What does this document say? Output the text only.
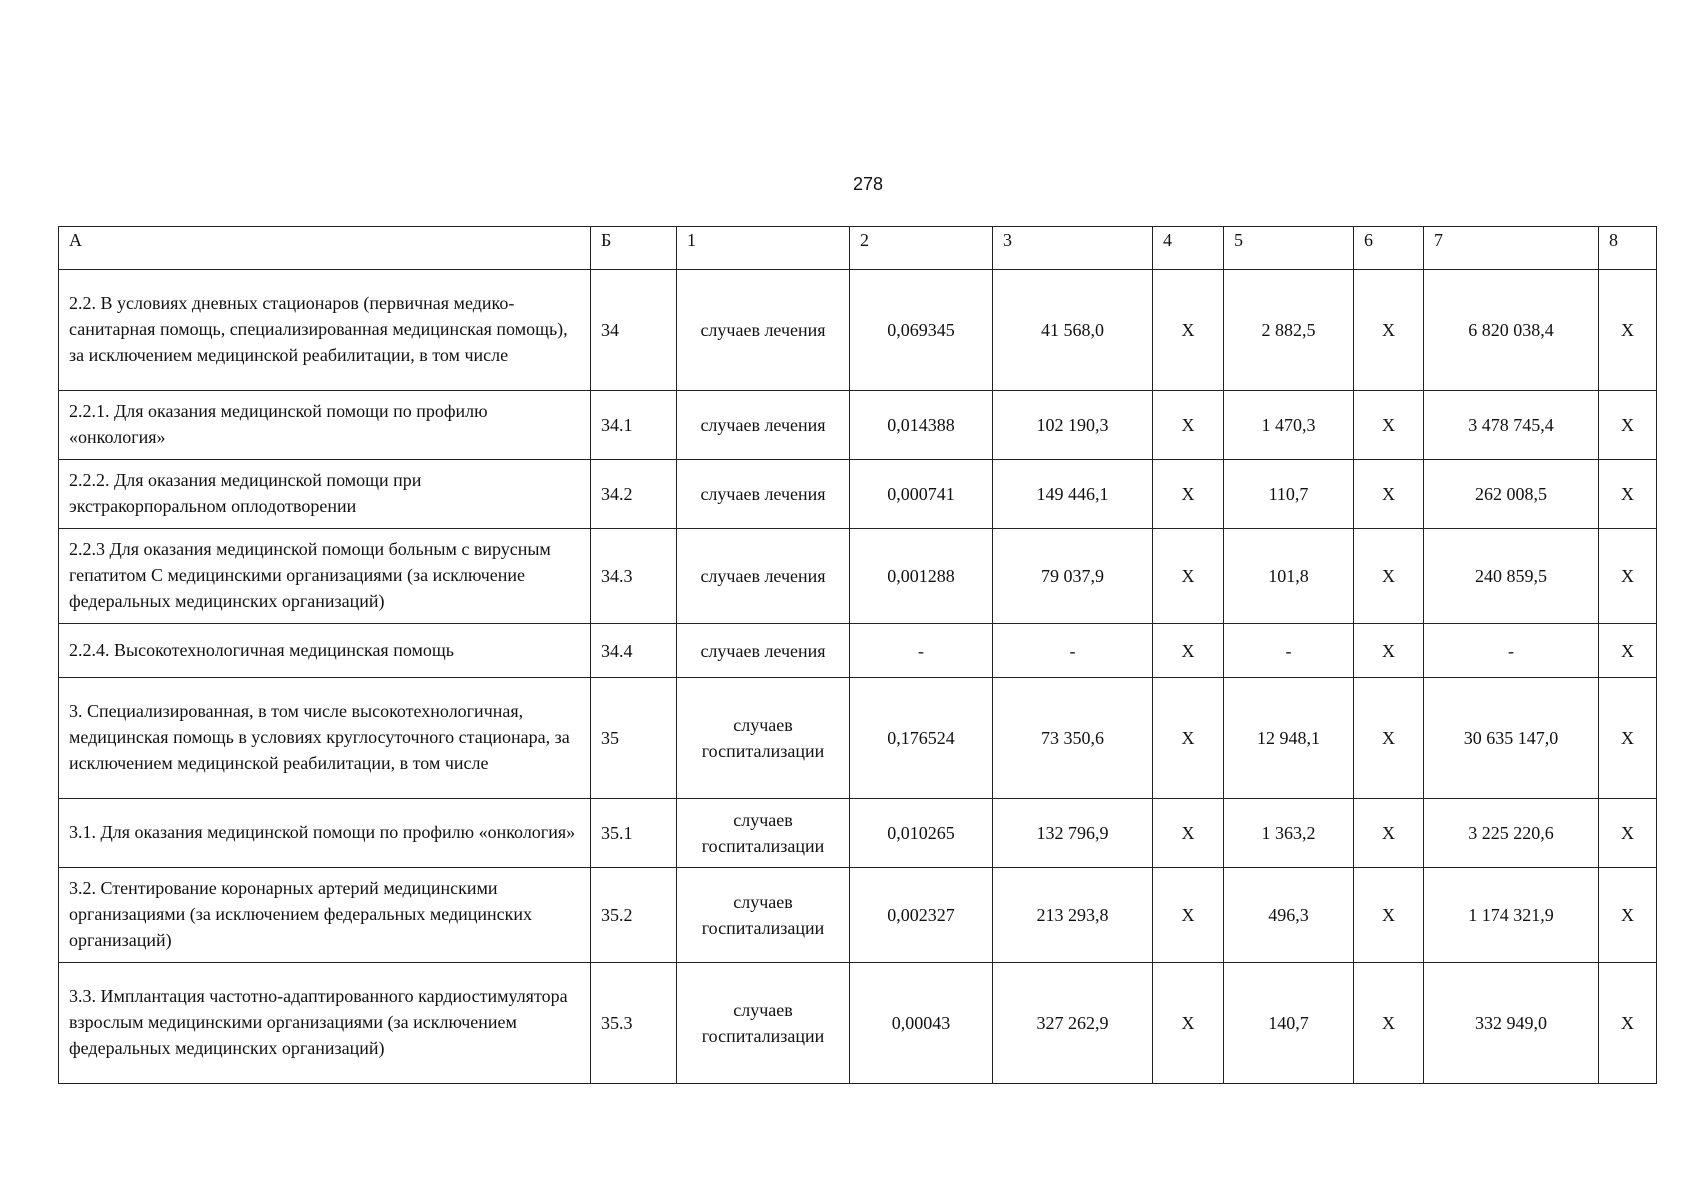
278
А	Б	1	2	3	4	5	6	7	8
2.2. В условиях дневных стационаров (первичная медико-санитарная помощь, специализированная медицинская помощь), за исключением медицинской реабилитации, в том числе	34	случаев лечения	0,069345	41 568,0	X	2 882,5	X	6 820 038,4	X
2.2.1. Для оказания медицинской помощи по профилю «онкология»	34.1	случаев лечения	0,014388	102 190,3	X	1 470,3	X	3 478 745,4	X
2.2.2. Для оказания медицинской помощи при экстракорпоральном оплодотворении	34.2	случаев лечения	0,000741	149 446,1	X	110,7	X	262 008,5	X
2.2.3 Для оказания медицинской помощи больным с вирусным гепатитом С медицинскими организациями (за исключение федеральных медицинских организаций)	34.3	случаев лечения	0,001288	79 037,9	X	101,8	X	240 859,5	X
2.2.4. Высокотехнологичная медицинская помощь	34.4	случаев лечения	-	-	X	-	X	-	X
3. Специализированная, в том числе высокотехнологичная, медицинская помощь в условиях круглосуточного стационара, за исключением медицинской реабилитации, в том числе	35	случаев госпитализации	0,176524	73 350,6	X	12 948,1	X	30 635 147,0	X
3.1. Для оказания медицинской помощи по профилю «онкология»	35.1	случаев госпитализации	0,010265	132 796,9	X	1 363,2	X	3 225 220,6	X
3.2. Стентирование коронарных артерий медицинскими организациями (за исключением федеральных медицинских организаций)	35.2	случаев госпитализации	0,002327	213 293,8	X	496,3	X	1 174 321,9	X
3.3. Имплантация частотно-адаптированного кардиостимулятора взрослым медицинскими организациями (за исключением федеральных медицинских организаций)	35.3	случаев госпитализации	0,00043	327 262,9	X	140,7	X	332 949,0	X
